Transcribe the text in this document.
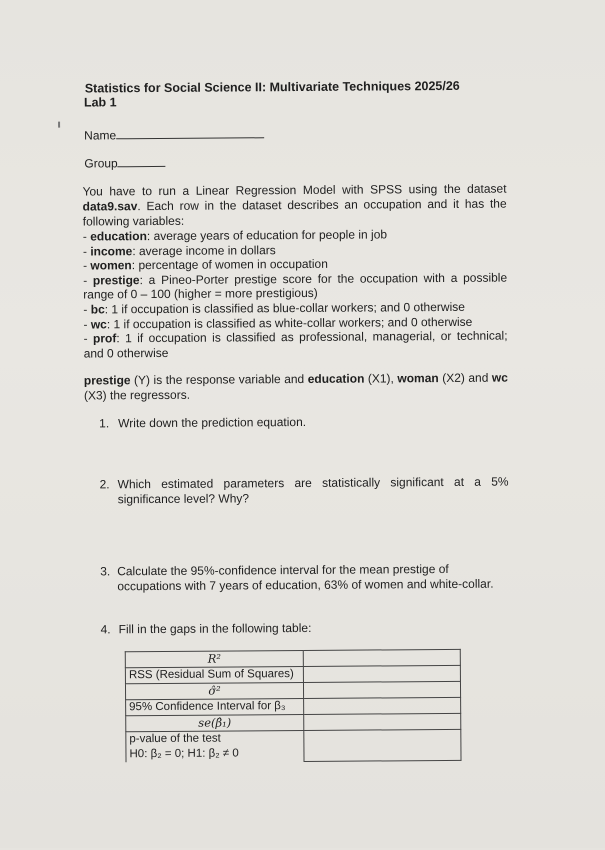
Statistics for Social Science II: Multivariate Techniques 2025/26
Lab 1
Name
Group
You have to run a Linear Regression Model with SPSS using the dataset data9.sav. Each row in the dataset describes an occupation and it has the following variables:
- education: average years of education for people in job
- income: average income in dollars
- women: percentage of women in occupation
- prestige: a Pineo-Porter prestige score for the occupation with a possible range of 0 – 100 (higher = more prestigious)
- bc: 1 if occupation is classified as blue-collar workers; and 0 otherwise
- wc: 1 if occupation is classified as white-collar workers; and 0 otherwise
- prof: 1 if occupation is classified as professional, managerial, or technical; and 0 otherwise
prestige (Y) is the response variable and education (X1), woman (X2) and wc (X3) the regressors.
1. Write down the prediction equation.
2. Which estimated parameters are statistically significant at a 5% significance level? Why?
3. Calculate the 95%-confidence interval for the mean prestige of occupations with 7 years of education, 63% of women and white-collar.
4. Fill in the gaps in the following table:
R²	
RSS (Residual Sum of Squares)	
σ̂²	
95% Confidence Interval for β₃	
se(β̂₁)	

p-value of the test
H0: β₂ = 0; H1: β₂ ≠ 0	
